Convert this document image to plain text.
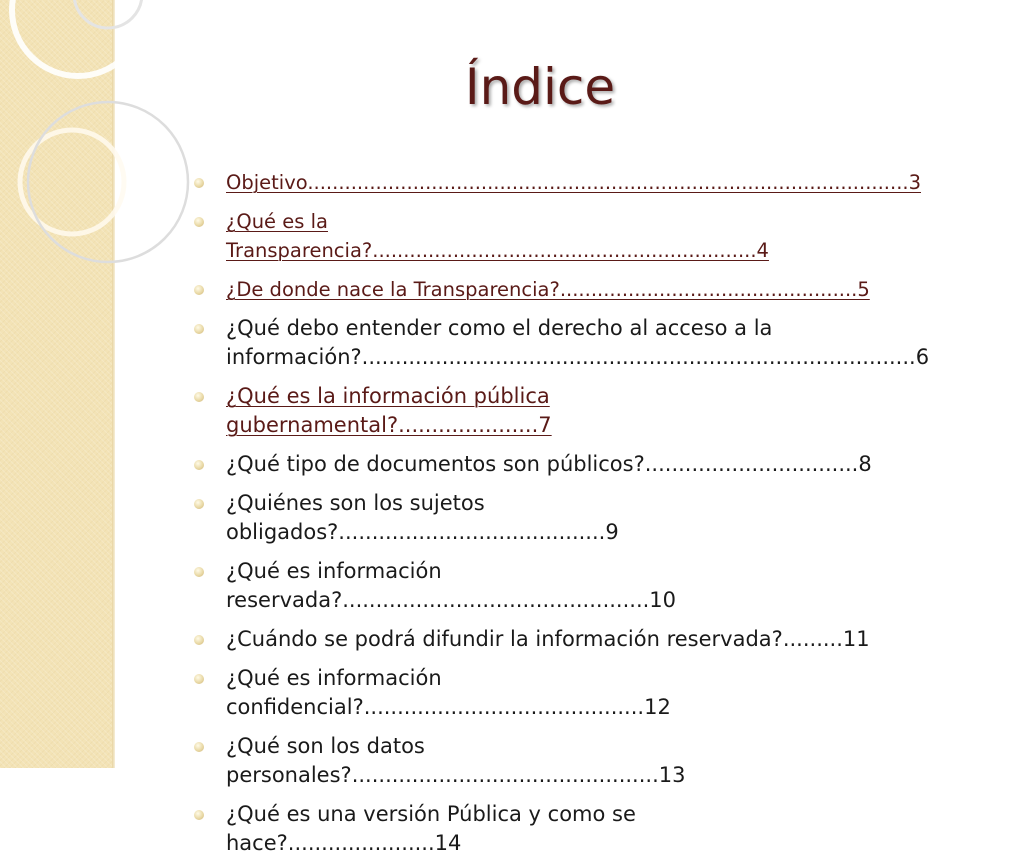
Índice
Objetivo.................................................................................................3
¿Qué es la Transparencia?..............................................................4
¿De donde nace la Transparencia?................................................5
¿Qué debo entender como el derecho al acceso a la información?...................................................................................6
¿Qué es la información pública gubernamental?.....................7
¿Qué tipo de documentos son públicos?................................8
¿Quiénes son los sujetos obligados?........................................9
¿Qué es información reservada?..............................................10
¿Cuándo se podrá difundir la información reservada?.........11
¿Qué es información confidencial?..........................................12
¿Qué son los datos personales?..............................................13
¿Qué es una versión Pública y como se hace?......................14
